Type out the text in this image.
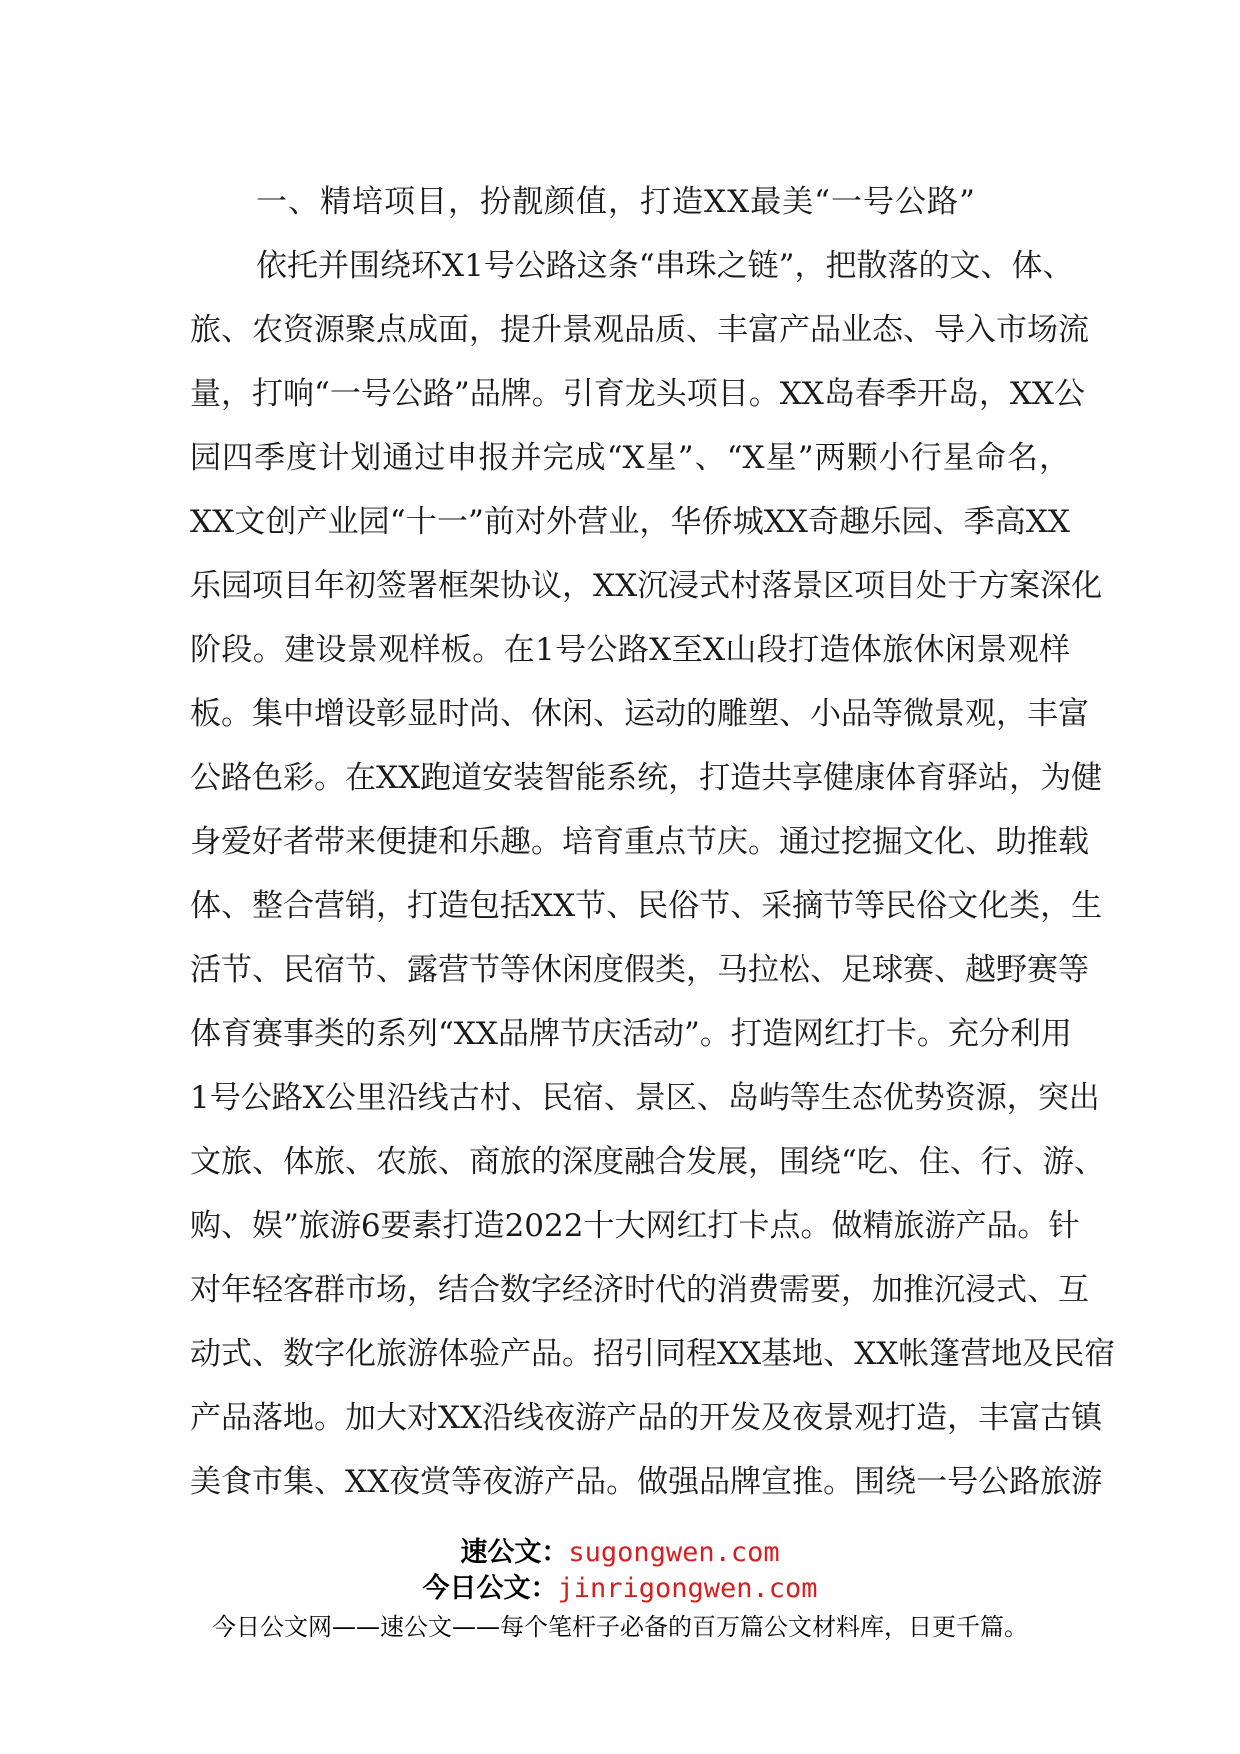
一、精培项目，扮靓颜值，打造XX最美“一号公路”
依托并围绕环X1号公路这条“串珠之链”，把散落的文、体、
旅、农资源聚点成面，提升景观品质、丰富产品业态、导入市场流
量，打响“一号公路”品牌。引育龙头项目。XX岛春季开岛，XX公
园四季度计划通过申报并完成“X星”、“X星”两颗小行星命名，
XX文创产业园“十一”前对外营业，华侨城XX奇趣乐园、季高XX
乐园项目年初签署框架协议，XX沉浸式村落景区项目处于方案深化
阶段。建设景观样板。在1号公路X至X山段打造体旅休闲景观样
板。集中增设彰显时尚、休闲、运动的雕塑、小品等微景观，丰富
公路色彩。在XX跑道安装智能系统，打造共享健康体育驿站，为健
身爱好者带来便捷和乐趣。培育重点节庆。通过挖掘文化、助推载
体、整合营销，打造包括XX节、民俗节、采摘节等民俗文化类，生
活节、民宿节、露营节等休闲度假类，马拉松、足球赛、越野赛等
体育赛事类的系列“XX品牌节庆活动”。打造网红打卡。充分利用
1号公路X公里沿线古村、民宿、景区、岛屿等生态优势资源，突出
文旅、体旅、农旅、商旅的深度融合发展，围绕“吃、住、行、游、
购、娱”旅游6要素打造2022十大网红打卡点。做精旅游产品。针
对年轻客群市场，结合数字经济时代的消费需要，加推沉浸式、互
动式、数字化旅游体验产品。招引同程XX基地、XX帐篷营地及民宿
产品落地。加大对XX沿线夜游产品的开发及夜景观打造，丰富古镇
美食市集、XX夜赏等夜游产品。做强品牌宣推。围绕一号公路旅游
速公文：sugongwen.com
今日公文：jinrigongwen.com
今日公文网——速公文——每个笔杆子必备的百万篇公文材料库，日更千篇。
